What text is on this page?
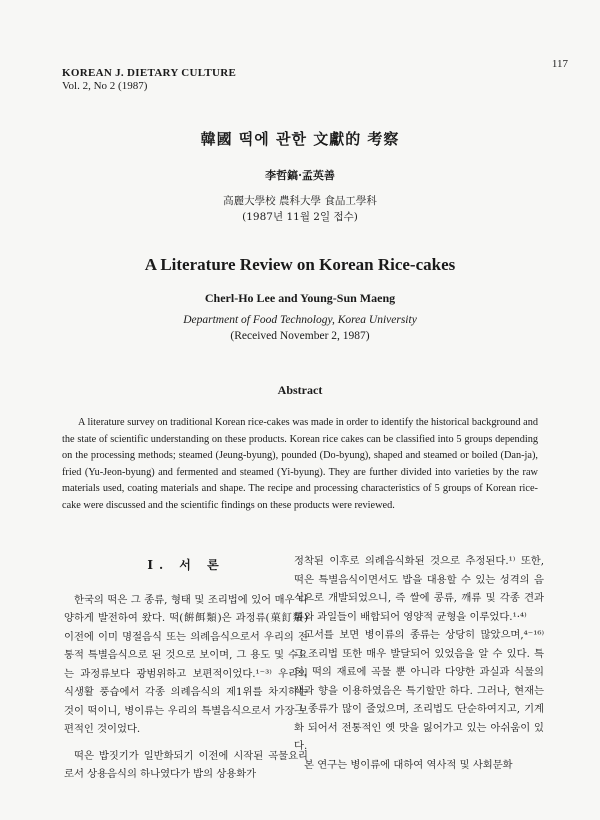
117
KOREAN J. DIETARY CULTURE
Vol. 2, No 2 (1987)
韓國 떡에 관한 文獻的 考察
李哲鎬·孟英善
高麗大學校 農科大學 食品工學科
(1987년 11월 2일 접수)
A Literature Review on Korean Rice-cakes
Cherl-Ho Lee and Young-Sun Maeng
Department of Food Technology, Korea University
(Received November 2, 1987)
Abstract
A literature survey on traditional Korean rice-cakes was made in order to identify the historical background and the state of scientific understanding on these products. Korean rice cakes can be classified into 5 groups depending on the processing methods; steamed (Jeung-byung), pounded (Do-byung), shaped and steamed or boiled (Dan-ja), fried (Yu-Jeon-byung) and fermented and steamed (Yi-byung). They are further divided into varieties by the raw materials used, coating materials and shape. The recipe and processing characteristics of 5 groups of Korean rice-cake were discussed and the scientific findings on these products were reviewed.
I. 서 론

한국의 떡은 그 종류, 형태 및 조리법에 있어 매우 다양하게 발전하여 왔다. 떡(餠餌類)은 과정류(菓飣類) 이전에 이미 명절음식 또는 의례음식으로서 우리의 전통적 특별음식으로 된 것으로 보이며, 그 용도 및 수요는 과정류보다 광범위하고 보편적이었다.¹⁻³⁾ 우리의 식생활 풍습에서 각종 의례음식의 제1위를 차지하는 것이 떡이니, 병이류는 우리의 특별음식으로서 가장 보편적인 것이었다.

떡은 밥짓기가 일반화되기 이전에 시작된 곡물요리로서 상용음식의 하나였다가 밥의 상용화가

정착된 이후로 의례음식화된 것으로 추정된다.¹⁾ 또한, 떡은 특별음식이면서도 밥을 대용할 수 있는 성격의 음식으로 개발되었으니, 즉 쌀에 콩류, 깨류 및 각종 견과류와 과일들이 배합되어 영양적 균형을 이루었다.¹·⁴⁾

고서를 보면 병이류의 종류는 상당히 많았으며,⁴⁻¹⁶⁾ 그 조리법 또한 매우 발달되어 있었음을 알 수 있다. 특히, 떡의 재료에 곡물 뿐 아니라 다양한 과실과 식물의 색과 향을 이용하였음은 특기할만 하다. 그러나, 현재는 그 종류가 많이 줄었으며, 조리법도 단순하여지고, 기계화 되어서 전통적인 옛 맛을 잃어가고 있는 아쉬움이 있다.

본 연구는 병이류에 대하여 역사적 및 사회문화
